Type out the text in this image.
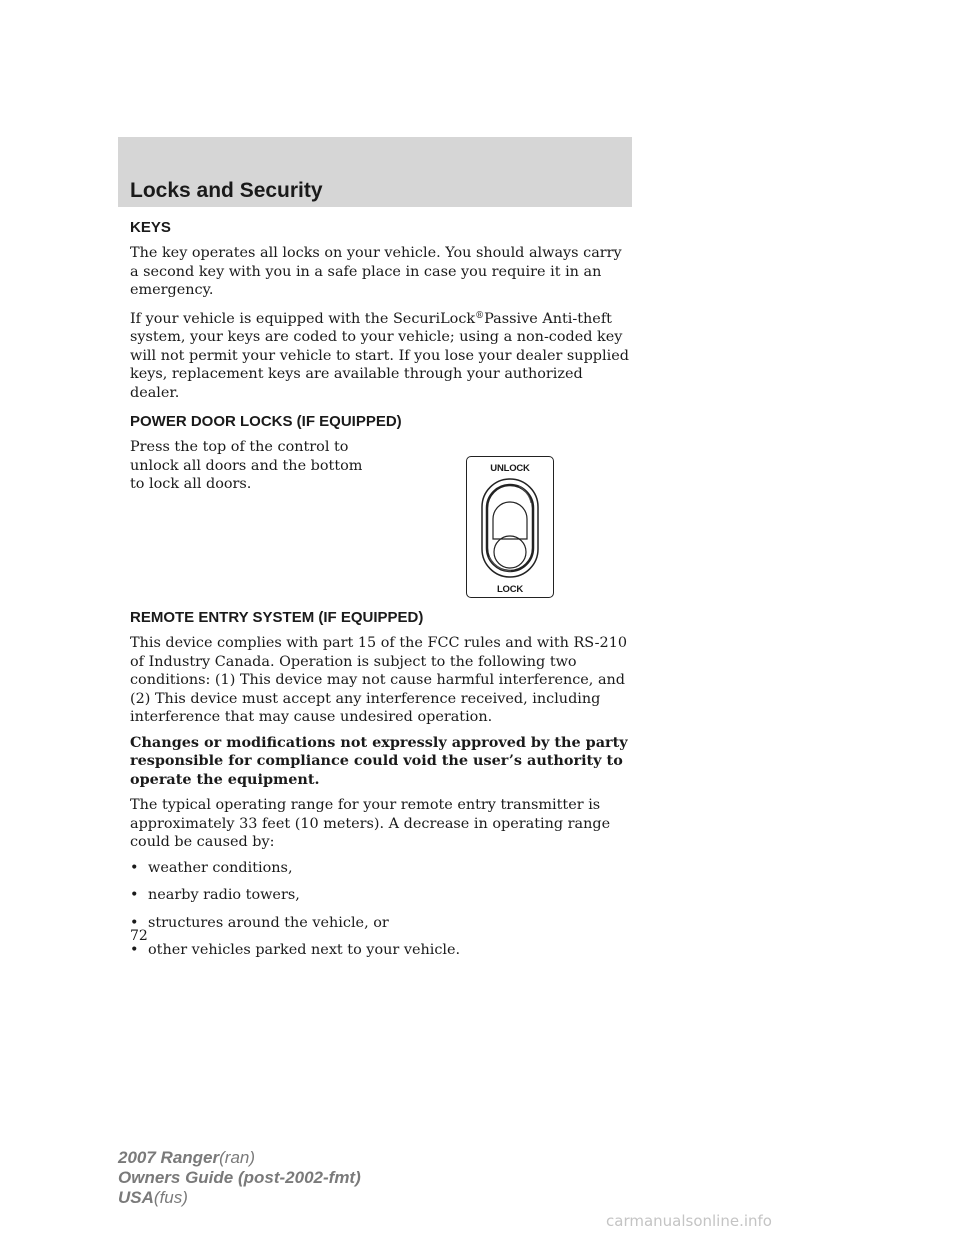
Locks and Security
KEYS

The key operates all locks on your vehicle. You should always carry a second key with you in a safe place in case you require it in an emergency.

If your vehicle is equipped with the SecuriLock®Passive Anti-theft system, your keys are coded to your vehicle; using a non-coded key will not permit your vehicle to start. If you lose your dealer supplied keys, replacement keys are available through your authorized dealer.

POWER DOOR LOCKS (IF EQUIPPED)

Press the top of the control to unlock all doors and the bottom to lock all doors.

UNLOCK
LOCK
REMOTE ENTRY SYSTEM (IF EQUIPPED)

This device complies with part 15 of the FCC rules and with RS-210 of Industry Canada. Operation is subject to the following two conditions: (1) This device may not cause harmful interference, and (2) This device must accept any interference received, including interference that may cause undesired operation.

Changes or modifications not expressly approved by the party responsible for compliance could void the user’s authority to operate the equipment.

The typical operating range for your remote entry transmitter is approximately 33 feet (10 meters). A decrease in operating range could be caused by:

• weather conditions,
• nearby radio towers,
• structures around the vehicle, or
• other vehicles parked next to your vehicle.
72
2007 Ranger(ran)
Owners Guide (post-2002-fmt)
USA(fus)
carmanualsonline.info
